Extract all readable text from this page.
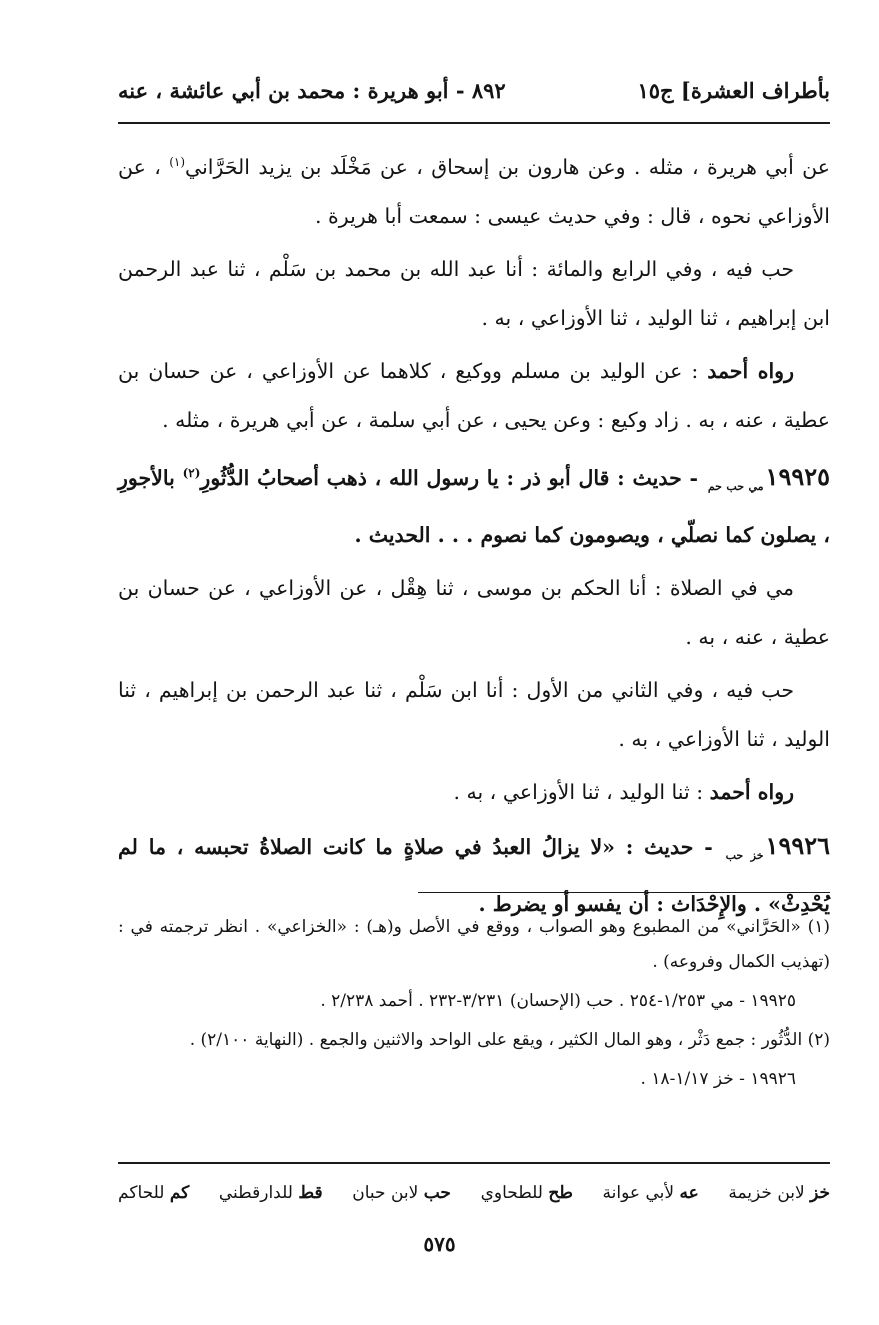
بأطراف العشرة] ج١٥
٨٩٢ - أبو هريرة : محمد بن أبي عائشة ، عنه

عن أبي هريرة ، مثله . وعن هارون بن إسحاق ، عن مَخْلَد بن يزيد الحَرَّاني$^{(١)}$ ، عن الأوزاعي نحوه ، قال : وفي حديث عيسى : سمعت أبا هريرة .

حب فيه ، وفي الرابع والمائة : أنا عبد الله بن محمد بن سَلْم ، ثنا عبد الرحمن ابن إبراهيم ، ثنا الوليد ، ثنا الأوزاعي ، به .

رواه أحمد : عن الوليد بن مسلم ووكيع ، كلاهما عن الأوزاعي ، عن حسان بن عطية ، عنه ، به . زاد وكيع : وعن يحيى ، عن أبي سلمة ، عن أبي هريرة ، مثله .

$١٩٩٢٥_{مي حب حم}$ - حديث : قال أبو ذر : يا رسول الله ، ذهب أصحابُ الدُّثُورِ$^{(٢)}$ بالأجورِ ، يصلون كما نصلّي ، ويصومون كما نصوم . . . الحديث .

مي في الصلاة : أنا الحكم بن موسى ، ثنا هِقْل ، عن الأوزاعي ، عن حسان بن عطية ، عنه ، به .

حب فيه ، وفي الثاني من الأول : أنا ابن سَلْم ، ثنا عبد الرحمن بن إبراهيم ، ثنا الوليد ، ثنا الأوزاعي ، به .

رواه أحمد : ثنا الوليد ، ثنا الأوزاعي ، به .

$١٩٩٢٦_{خز حب}$ - حديث : «لا يزالُ العبدُ في صلاةٍ ما كانت الصلاةُ تحبسه ، ما لم يُحْدِثْ» . والإِحْدَاث : أن يفسو أو يضرط .

(١) «الحَرَّاني» من المطبوع وهو الصواب ، ووقع في الأصل و(هـ) : «الخزاعي» . انظر ترجمته في : (تهذيب الكمال وفروعه) .

١٩٩٢٥ - مي ١/٢٥٣-٢٥٤ . حب (الإحسان) ٣/٢٣١-٢٣٢ . أحمد ٢/٢٣٨ .

(٢) الدُّثُور : جمع دَثْر ، وهو المال الكثير ، ويقع على الواحد والاثنين والجمع . (النهاية ٢/١٠٠) .

١٩٩٢٦ - خز ١/١٧-١٨ .

خز لابن خزيمة
عه لأبي عوانة
طح للطحاوي
حب لابن حبان
قط للدارقطني
كم للحاكم
٥٧٥
